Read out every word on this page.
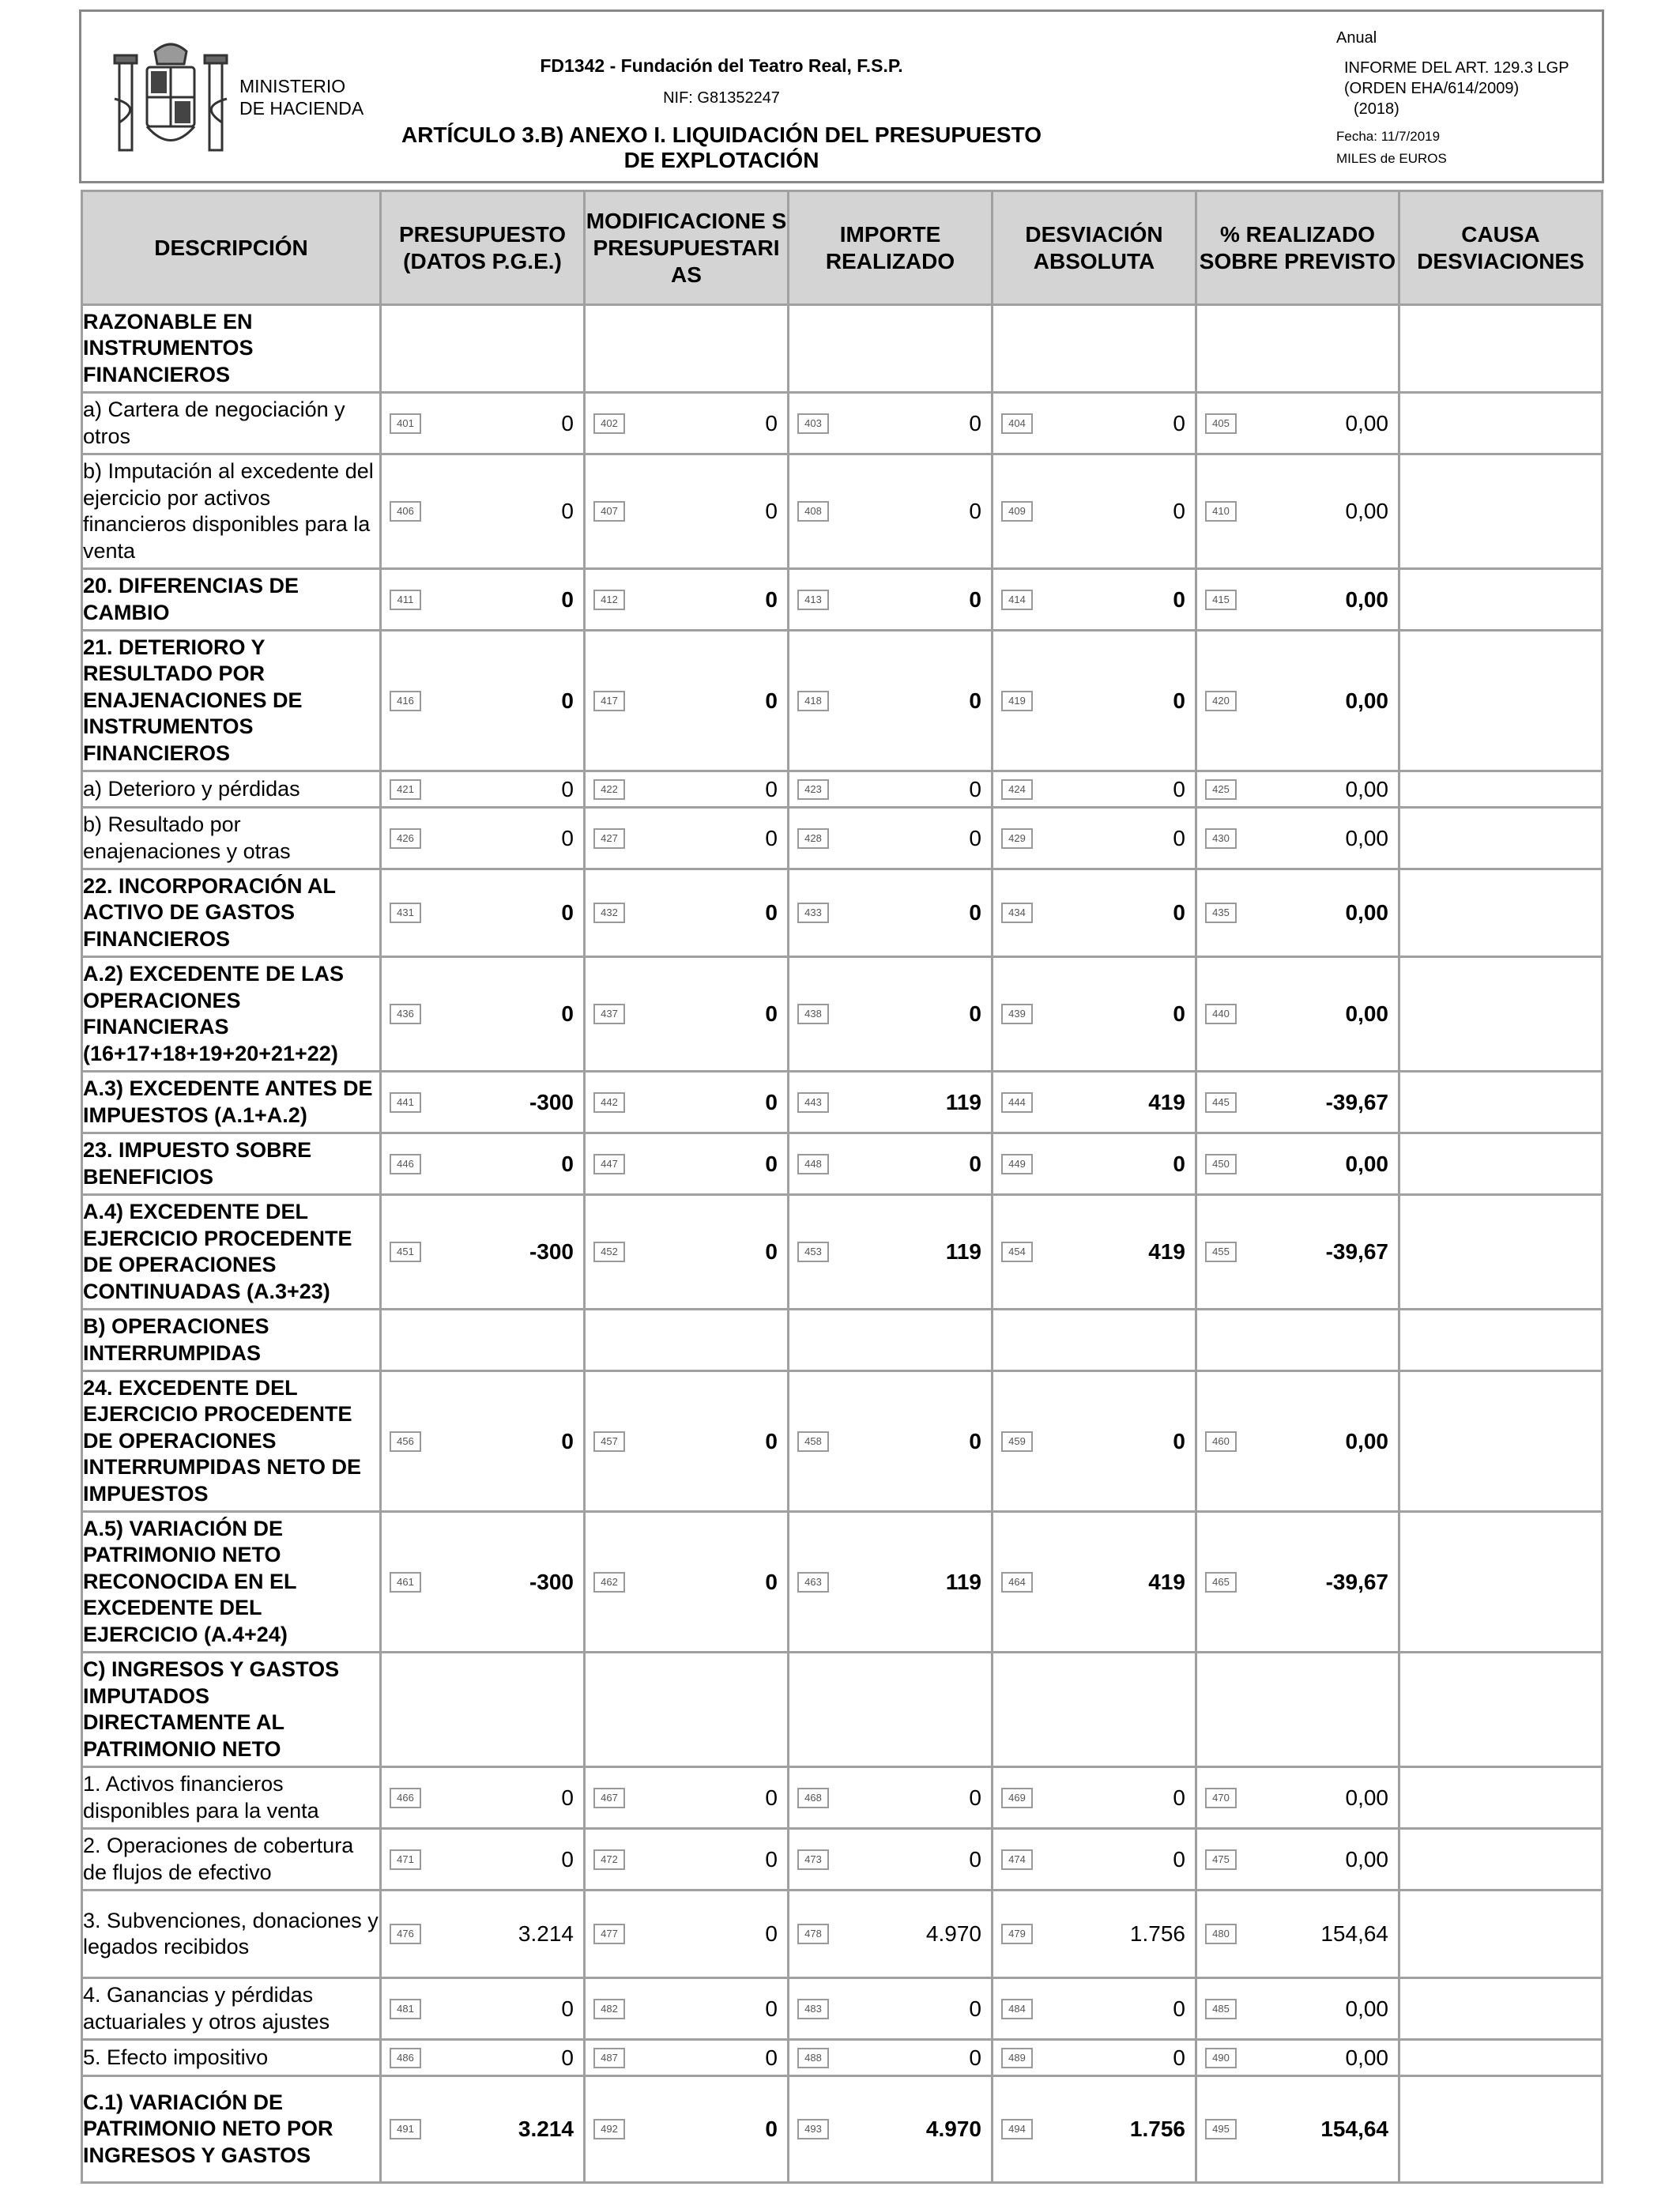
MINISTERIO
DE HACIENDA
FD1342 - Fundación del Teatro Real, F.S.P.
NIF: G81352247
ARTÍCULO 3.B) ANEXO I. LIQUIDACIÓN DEL PRESUPUESTO DE EXPLOTACIÓN
Anual
INFORME DEL ART. 129.3 LGP
(ORDEN EHA/614/2009)
(2018)
Fecha: 11/7/2019
MILES de EUROS
DESCRIPCIÓN	PRESUPUESTO (DATOS P.G.E.)	MODIFICACIONE S PRESUPUESTARI AS	IMPORTE REALIZADO	DESVIACIÓN ABSOLUTA	% REALIZADO SOBRE PREVISTO	CAUSA DESVIACIONES
RAZONABLE EN INSTRUMENTOS FINANCIEROS						
a) Cartera de negociación y otros	401 0	402 0	403 0	404 0	405 0,00	

b) Imputación al excedente del ejercicio por activos financieros disponibles para la venta	406 0	407 0	408 0	409 0	410 0,00	

20. DIFERENCIAS DE CAMBIO	411 0	412 0	413 0	414 0	415 0,00	

21. DETERIORO Y RESULTADO POR ENAJENACIONES DE INSTRUMENTOS FINANCIEROS	416 0	417 0	418 0	419 0	420 0,00	

a) Deterioro y pérdidas	421 0	422 0	423 0	424 0	425 0,00	

b) Resultado por enajenaciones y otras	426 0	427 0	428 0	429 0	430 0,00	

22. INCORPORACIÓN AL ACTIVO DE GASTOS FINANCIEROS	431 0	432 0	433 0	434 0	435 0,00	

A.2) EXCEDENTE DE LAS OPERACIONES FINANCIERAS (16+17+18+19+20+21+22)	436 0	437 0	438 0	439 0	440 0,00	

A.3) EXCEDENTE ANTES DE IMPUESTOS (A.1+A.2)	441 -300	442 0	443 119	444 419	445 -39,67	

23. IMPUESTO SOBRE BENEFICIOS	446 0	447 0	448 0	449 0	450 0,00	

A.4) EXCEDENTE DEL EJERCICIO PROCEDENTE DE OPERACIONES CONTINUADAS (A.3+23)	451 -300	452 0	453 119	454 419	455 -39,67	

B) OPERACIONES INTERRUMPIDAS						
24. EXCEDENTE DEL EJERCICIO PROCEDENTE DE OPERACIONES INTERRUMPIDAS NETO DE IMPUESTOS	456 0	457 0	458 0	459 0	460 0,00	

A.5) VARIACIÓN DE PATRIMONIO NETO RECONOCIDA EN EL EXCEDENTE DEL EJERCICIO (A.4+24)	461 -300	462 0	463 119	464 419	465 -39,67	

C) INGRESOS Y GASTOS IMPUTADOS DIRECTAMENTE AL PATRIMONIO NETO						
1. Activos financieros disponibles para la venta	466 0	467 0	468 0	469 0	470 0,00	

2. Operaciones de cobertura de flujos de efectivo	471 0	472 0	473 0	474 0	475 0,00	

3. Subvenciones, donaciones y legados recibidos	476 3.214	477 0	478 4.970	479 1.756	480 154,64	

4. Ganancias y pérdidas actuariales y otros ajustes	481 0	482 0	483 0	484 0	485 0,00	

5. Efecto impositivo	486 0	487 0	488 0	489 0	490 0,00	

C.1) VARIACIÓN DE PATRIMONIO NETO POR INGRESOS Y GASTOS	491 3.214	492 0	493 4.970	494 1.756	495 154,64	
